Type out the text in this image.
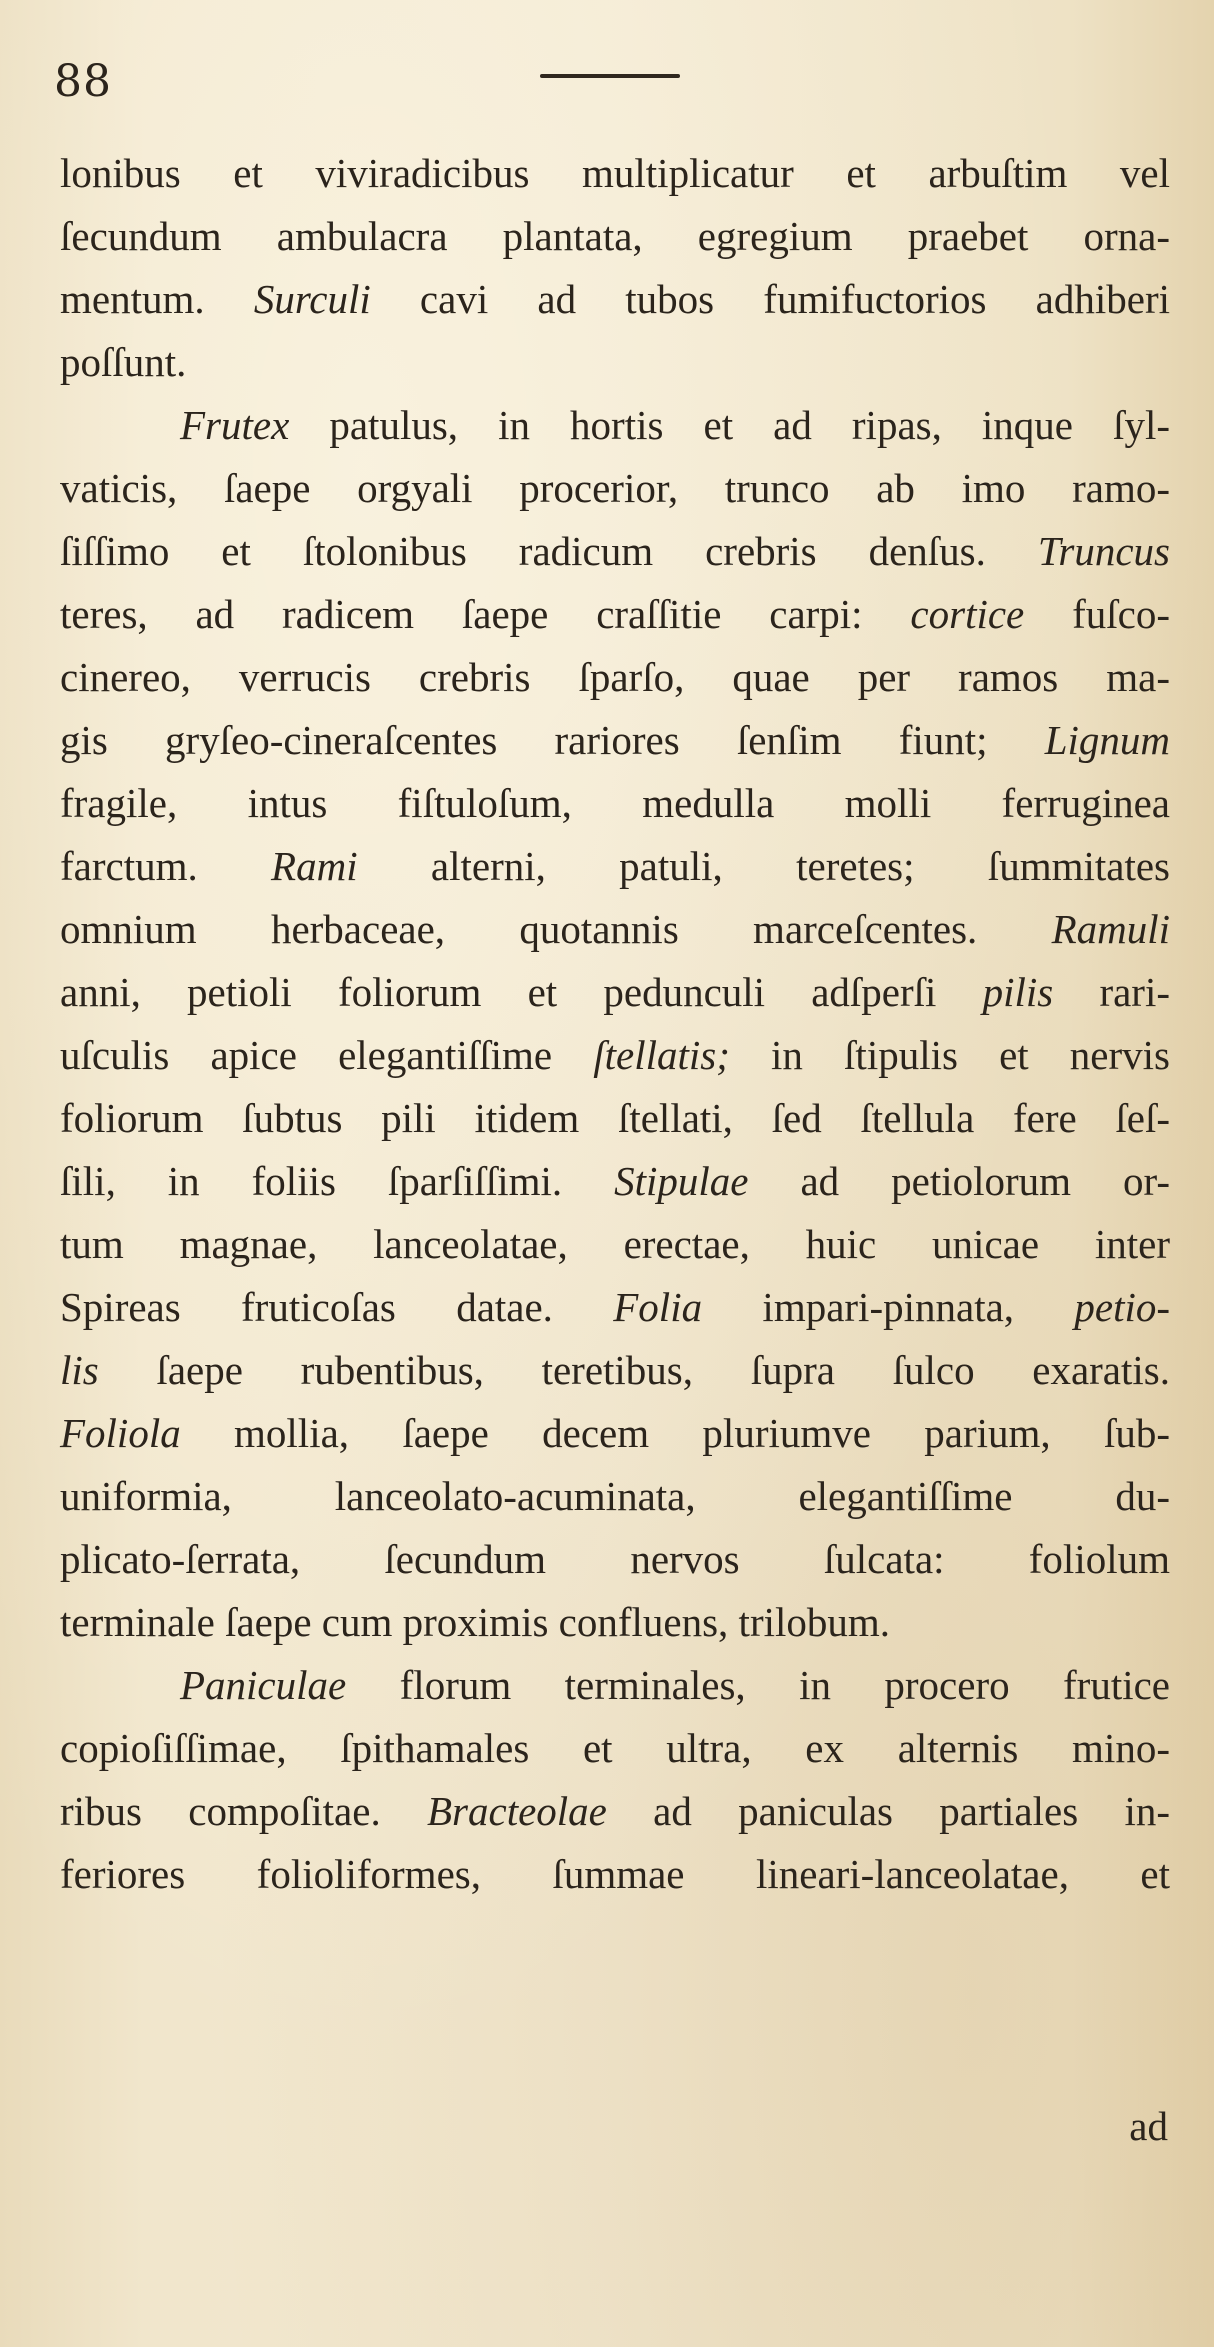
88
lonibus et viviradicibus multiplicatur et arbuſtim vel
ſecundum ambulacra plantata, egregium praebet orna-
mentum. Surculi cavi ad tubos fumifuctorios adhiberi
poſſunt.
Frutex patulus, in hortis et ad ripas, inque ſyl-
vaticis, ſaepe orgyali procerior, trunco ab imo ramo-
ſiſſimo et ſtolonibus radicum crebris denſus. Truncus
teres, ad radicem ſaepe craſſitie carpi: cortice fuſco-
cinereo, verrucis crebris ſparſo, quae per ramos ma-
gis gryſeo-cineraſcentes rariores ſenſim fiunt; Lignum
fragile, intus fiſtuloſum, medulla molli ferruginea
farctum. Rami alterni, patuli, teretes; ſummitates
omnium herbaceae, quotannis marceſcentes. Ramuli
anni, petioli foliorum et pedunculi adſperſi pilis rari-
uſculis apice elegantiſſime ſtellatis; in ſtipulis et nervis
foliorum ſubtus pili itidem ſtellati, ſed ſtellula fere ſeſ-
ſili, in foliis ſparſiſſimi. Stipulae ad petiolorum or-
tum magnae, lanceolatae, erectae, huic unicae inter
Spireas fruticoſas datae. Folia impari-pinnata, petio-
lis ſaepe rubentibus, teretibus, ſupra ſulco exaratis.
Foliola mollia, ſaepe decem pluriumve parium, ſub-
uniformia, lanceolato-acuminata, elegantiſſime du-
plicato-ſerrata, ſecundum nervos ſulcata: foliolum
terminale ſaepe cum proximis confluens, trilobum.
Paniculae florum terminales, in procero frutice
copioſiſſimae, ſpithamales et ultra, ex alternis mino-
ribus compoſitae. Bracteolae ad paniculas partiales in-
feriores folioliformes, ſummae lineari-lanceolatae, et
ad
